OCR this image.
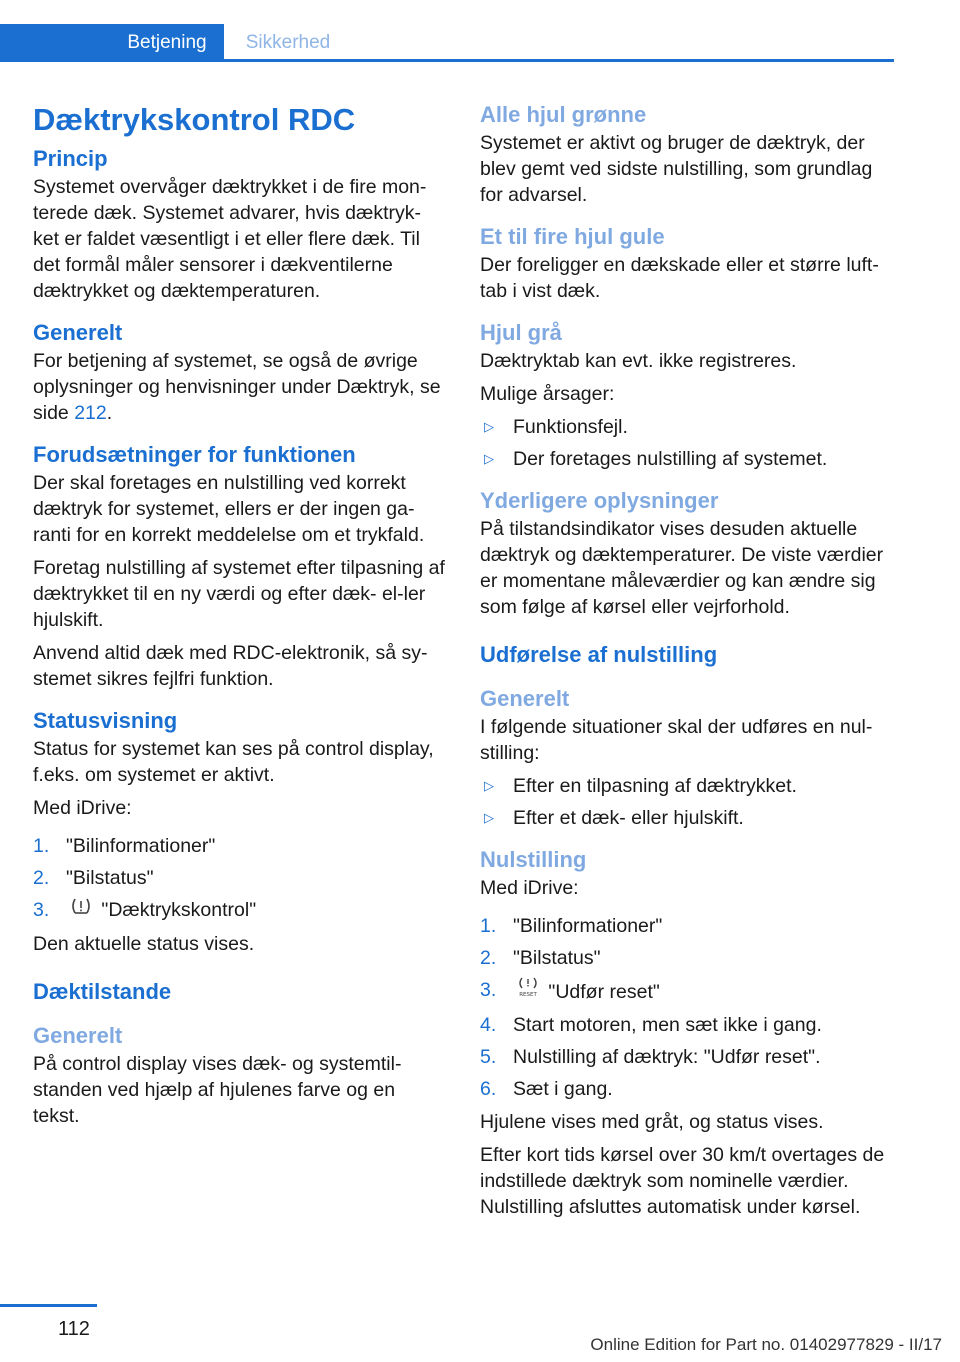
Betjening	Sikkerhed
Dæktrykskontrol RDC
Princip

Systemet overvåger dæktrykket i de fire mon-terede dæk. Systemet advarer, hvis dæktryk-ket er faldet væsentligt i et eller flere dæk. Til det formål måler sensorer i dækventilerne dæktrykket og dæktemperaturen.

Generelt

For betjening af systemet, se også de øvrige oplysninger og henvisninger under Dæktryk, se side 212.

Forudsætninger for funktionen

Der skal foretages en nulstilling ved korrekt dæktryk for systemet, ellers er der ingen ga-ranti for en korrekt meddelelse om et trykfald.

Foretag nulstilling af systemet efter tilpasning af dæktrykket til en ny værdi og efter dæk- el-ler hjulskift.

Anvend altid dæk med RDC-elektronik, så sy-stemet sikres fejlfri funktion.

Statusvisning

Status for systemet kan ses på control display, f.eks. om systemet er aktivt.

Med iDrive:

1. "Bilinformationer"
2. "Bilstatus"
3. "Dæktrykskontrol"

Den aktuelle status vises.

Dæktilstande
Generelt

På control display vises dæk- og systemtil-standen ved hjælp af hjulenes farve og en tekst.

Alle hjul grønne

Systemet er aktivt og bruger de dæktryk, der blev gemt ved sidste nulstilling, som grundlag for advarsel.

Et til fire hjul gule

Der foreligger en dækskade eller et større luft-tab i vist dæk.

Hjul grå

Dæktryktab kan evt. ikke registreres.

Mulige årsager:

▷ Funktionsfejl.
▷ Der foretages nulstilling af systemet.
Yderligere oplysninger

På tilstandsindikator vises desuden aktuelle dæktryk og dæktemperaturer. De viste værdier er momentane måleværdier og kan ændre sig som følge af kørsel eller vejrforhold.

Udførelse af nulstilling
Generelt

I følgende situationer skal der udføres en nul-stilling:

▷ Efter en tilpasning af dæktrykket.
▷ Efter et dæk- eller hjulskift.
Nulstilling

Med iDrive:

1. "Bilinformationer"
2. "Bilstatus"
3.	RESET "Udfør reset"
4. Start motoren, men sæt ikke i gang.
5. Nulstilling af dæktryk: "Udfør reset".
6. Sæt i gang.

Hjulene vises med gråt, og status vises.

Efter kort tids kørsel over 30 km/t overtages de indstillede dæktryk som nominelle værdier. Nulstilling afsluttes automatisk under kørsel.

112
Online Edition for Part no. 01402977829 - II/17
